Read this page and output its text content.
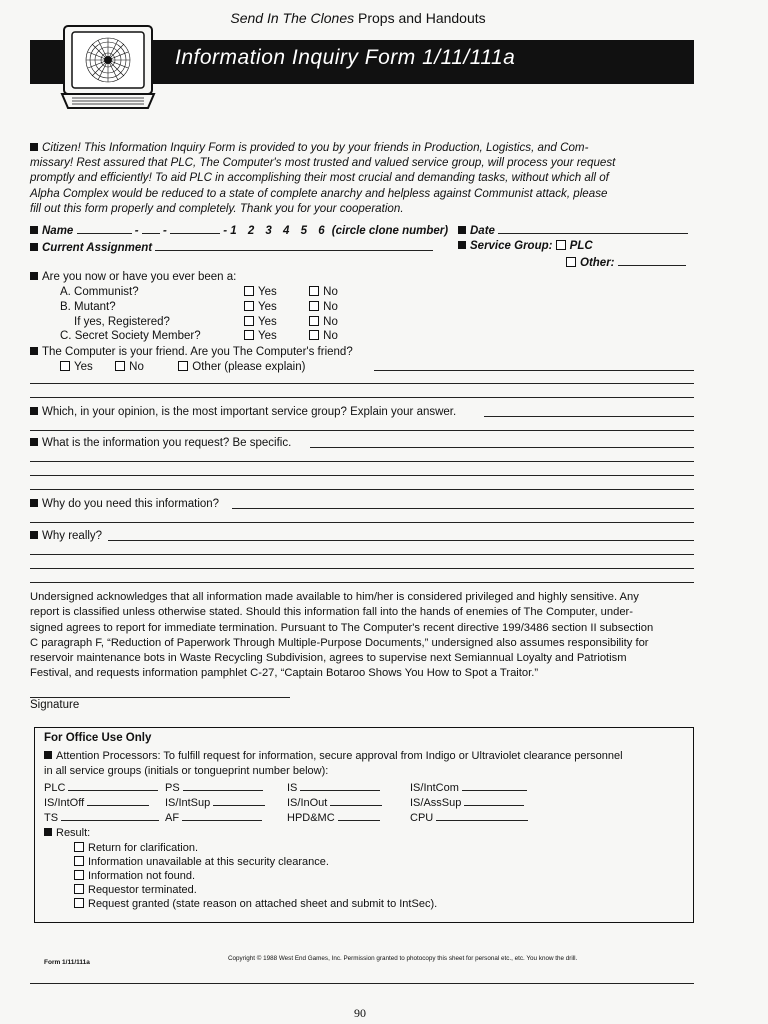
Send In The Clones Props and Handouts
Information Inquiry Form 1/11/111a
Citizen! This Information Inquiry Form is provided to you by your friends in Production, Logistics, and Com-
missary! Rest assured that PLC, The Computer's most trusted and valued service group, will process your request
promptly and efficiently! To aid PLC in accomplishing their most crucial and demanding tasks, without which all of
Alpha Complex would be reduced to a state of complete anarchy and helpless against Communist attack, please
fill out this form properly and completely. Thank you for your cooperation.
Name	-  -	- 1 2 3 4 5 6 (circle clone number)	Date
Current Assignment	Service Group: PLC
Other:
Are you now or have you ever been a:
A. Communist?	Yes	No
B. Mutant?	Yes	No
If yes, Registered?	Yes	No
C. Secret Society Member?	Yes	No
The Computer is your friend. Are you The Computer's friend?
Yes	No	Other (please explain)
Which, in your opinion, is the most important service group? Explain your answer.
What is the information you request? Be specific.
Why do you need this information?
Why really?
Undersigned acknowledges that all information made available to him/her is considered privileged and highly sensitive. Any
report is classified unless otherwise stated. Should this information fall into the hands of enemies of The Computer, under-
signed agrees to report for immediate termination. Pursuant to The Computer's recent directive 199/3486 section II subsection
C paragraph F, “Reduction of Paperwork Through Multiple-Purpose Documents,” undersigned also assumes responsibility for
reservoir maintenance bots in Waste Recycling Subdivision, agrees to supervise next Semiannual Loyalty and Patriotism
Festival, and requests information pamphlet C-27, “Captain Botaroo Shows You How to Spot a Traitor.”
Signature
For Office Use Only
Attention Processors: To fulfill request for information, secure approval from Indigo or Ultraviolet clearance personnel
in all service groups (initials or tongueprint number below):
PLC	PS	IS	IS/IntCom
IS/IntOff	IS/IntSup	IS/InOut	IS/AssSup
TS	AF	HPD&MC	CPU
Result:
Return for clarification.
Information unavailable at this security clearance.
Information not found.
Requestor terminated.
Request granted (state reason on attached sheet and submit to IntSec).
Form 1/11/111a
Copyright © 1988 West End Games, Inc. Permission granted to photocopy this sheet for personal etc., etc. You know the drill.
90
